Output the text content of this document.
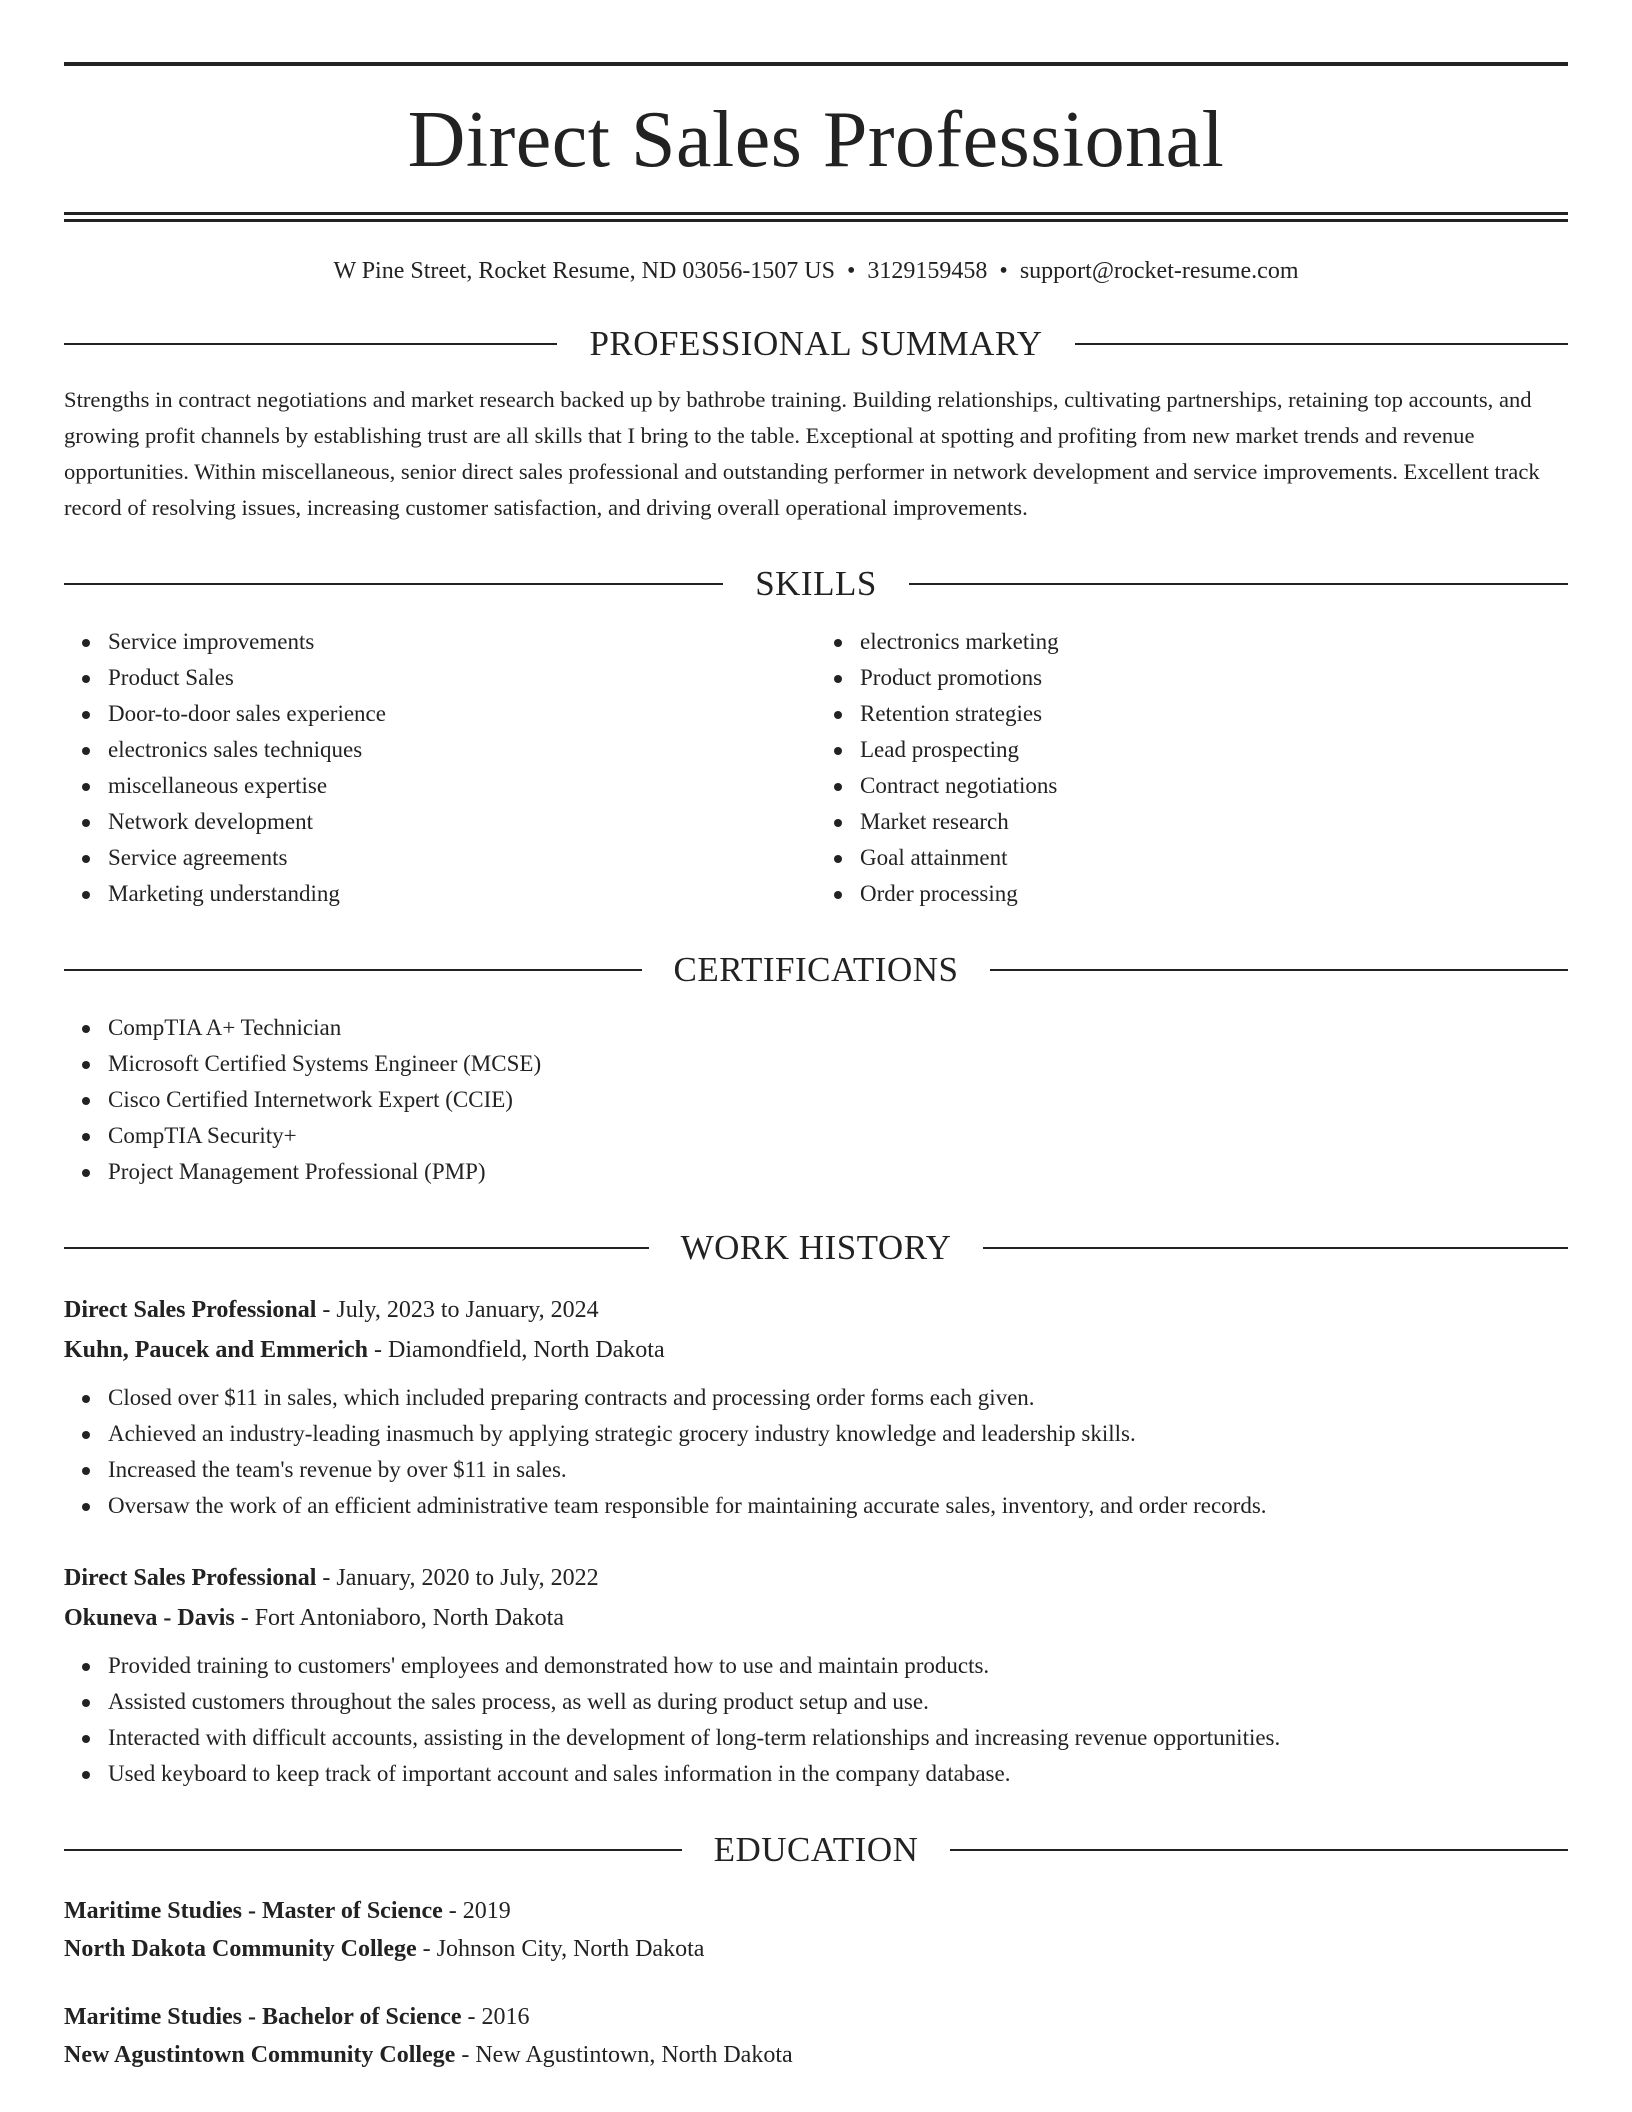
Direct Sales Professional
W Pine Street, Rocket Resume, ND 03056-1507 US • 3129159458 • support@rocket-resume.com
PROFESSIONAL SUMMARY
Strengths in contract negotiations and market research backed up by bathrobe training. Building relationships, cultivating partnerships, retaining top accounts, and growing profit channels by establishing trust are all skills that I bring to the table. Exceptional at spotting and profiting from new market trends and revenue opportunities. Within miscellaneous, senior direct sales professional and outstanding performer in network development and service improvements. Excellent track record of resolving issues, increasing customer satisfaction, and driving overall operational improvements.
SKILLS
Service improvements
Product Sales
Door-to-door sales experience
electronics sales techniques
miscellaneous expertise
Network development
Service agreements
Marketing understanding
electronics marketing
Product promotions
Retention strategies
Lead prospecting
Contract negotiations
Market research
Goal attainment
Order processing
CERTIFICATIONS
CompTIA A+ Technician
Microsoft Certified Systems Engineer (MCSE)
Cisco Certified Internetwork Expert (CCIE)
CompTIA Security+
Project Management Professional (PMP)
WORK HISTORY
Direct Sales Professional - July, 2023 to January, 2024
Kuhn, Paucek and Emmerich - Diamondfield, North Dakota
Closed over $11 in sales, which included preparing contracts and processing order forms each given.
Achieved an industry-leading inasmuch by applying strategic grocery industry knowledge and leadership skills.
Increased the team's revenue by over $11 in sales.
Oversaw the work of an efficient administrative team responsible for maintaining accurate sales, inventory, and order records.
Direct Sales Professional - January, 2020 to July, 2022
Okuneva - Davis - Fort Antoniaboro, North Dakota
Provided training to customers' employees and demonstrated how to use and maintain products.
Assisted customers throughout the sales process, as well as during product setup and use.
Interacted with difficult accounts, assisting in the development of long-term relationships and increasing revenue opportunities.
Used keyboard to keep track of important account and sales information in the company database.
EDUCATION
Maritime Studies - Master of Science - 2019
North Dakota Community College - Johnson City, North Dakota
Maritime Studies - Bachelor of Science - 2016
New Agustintown Community College - New Agustintown, North Dakota
